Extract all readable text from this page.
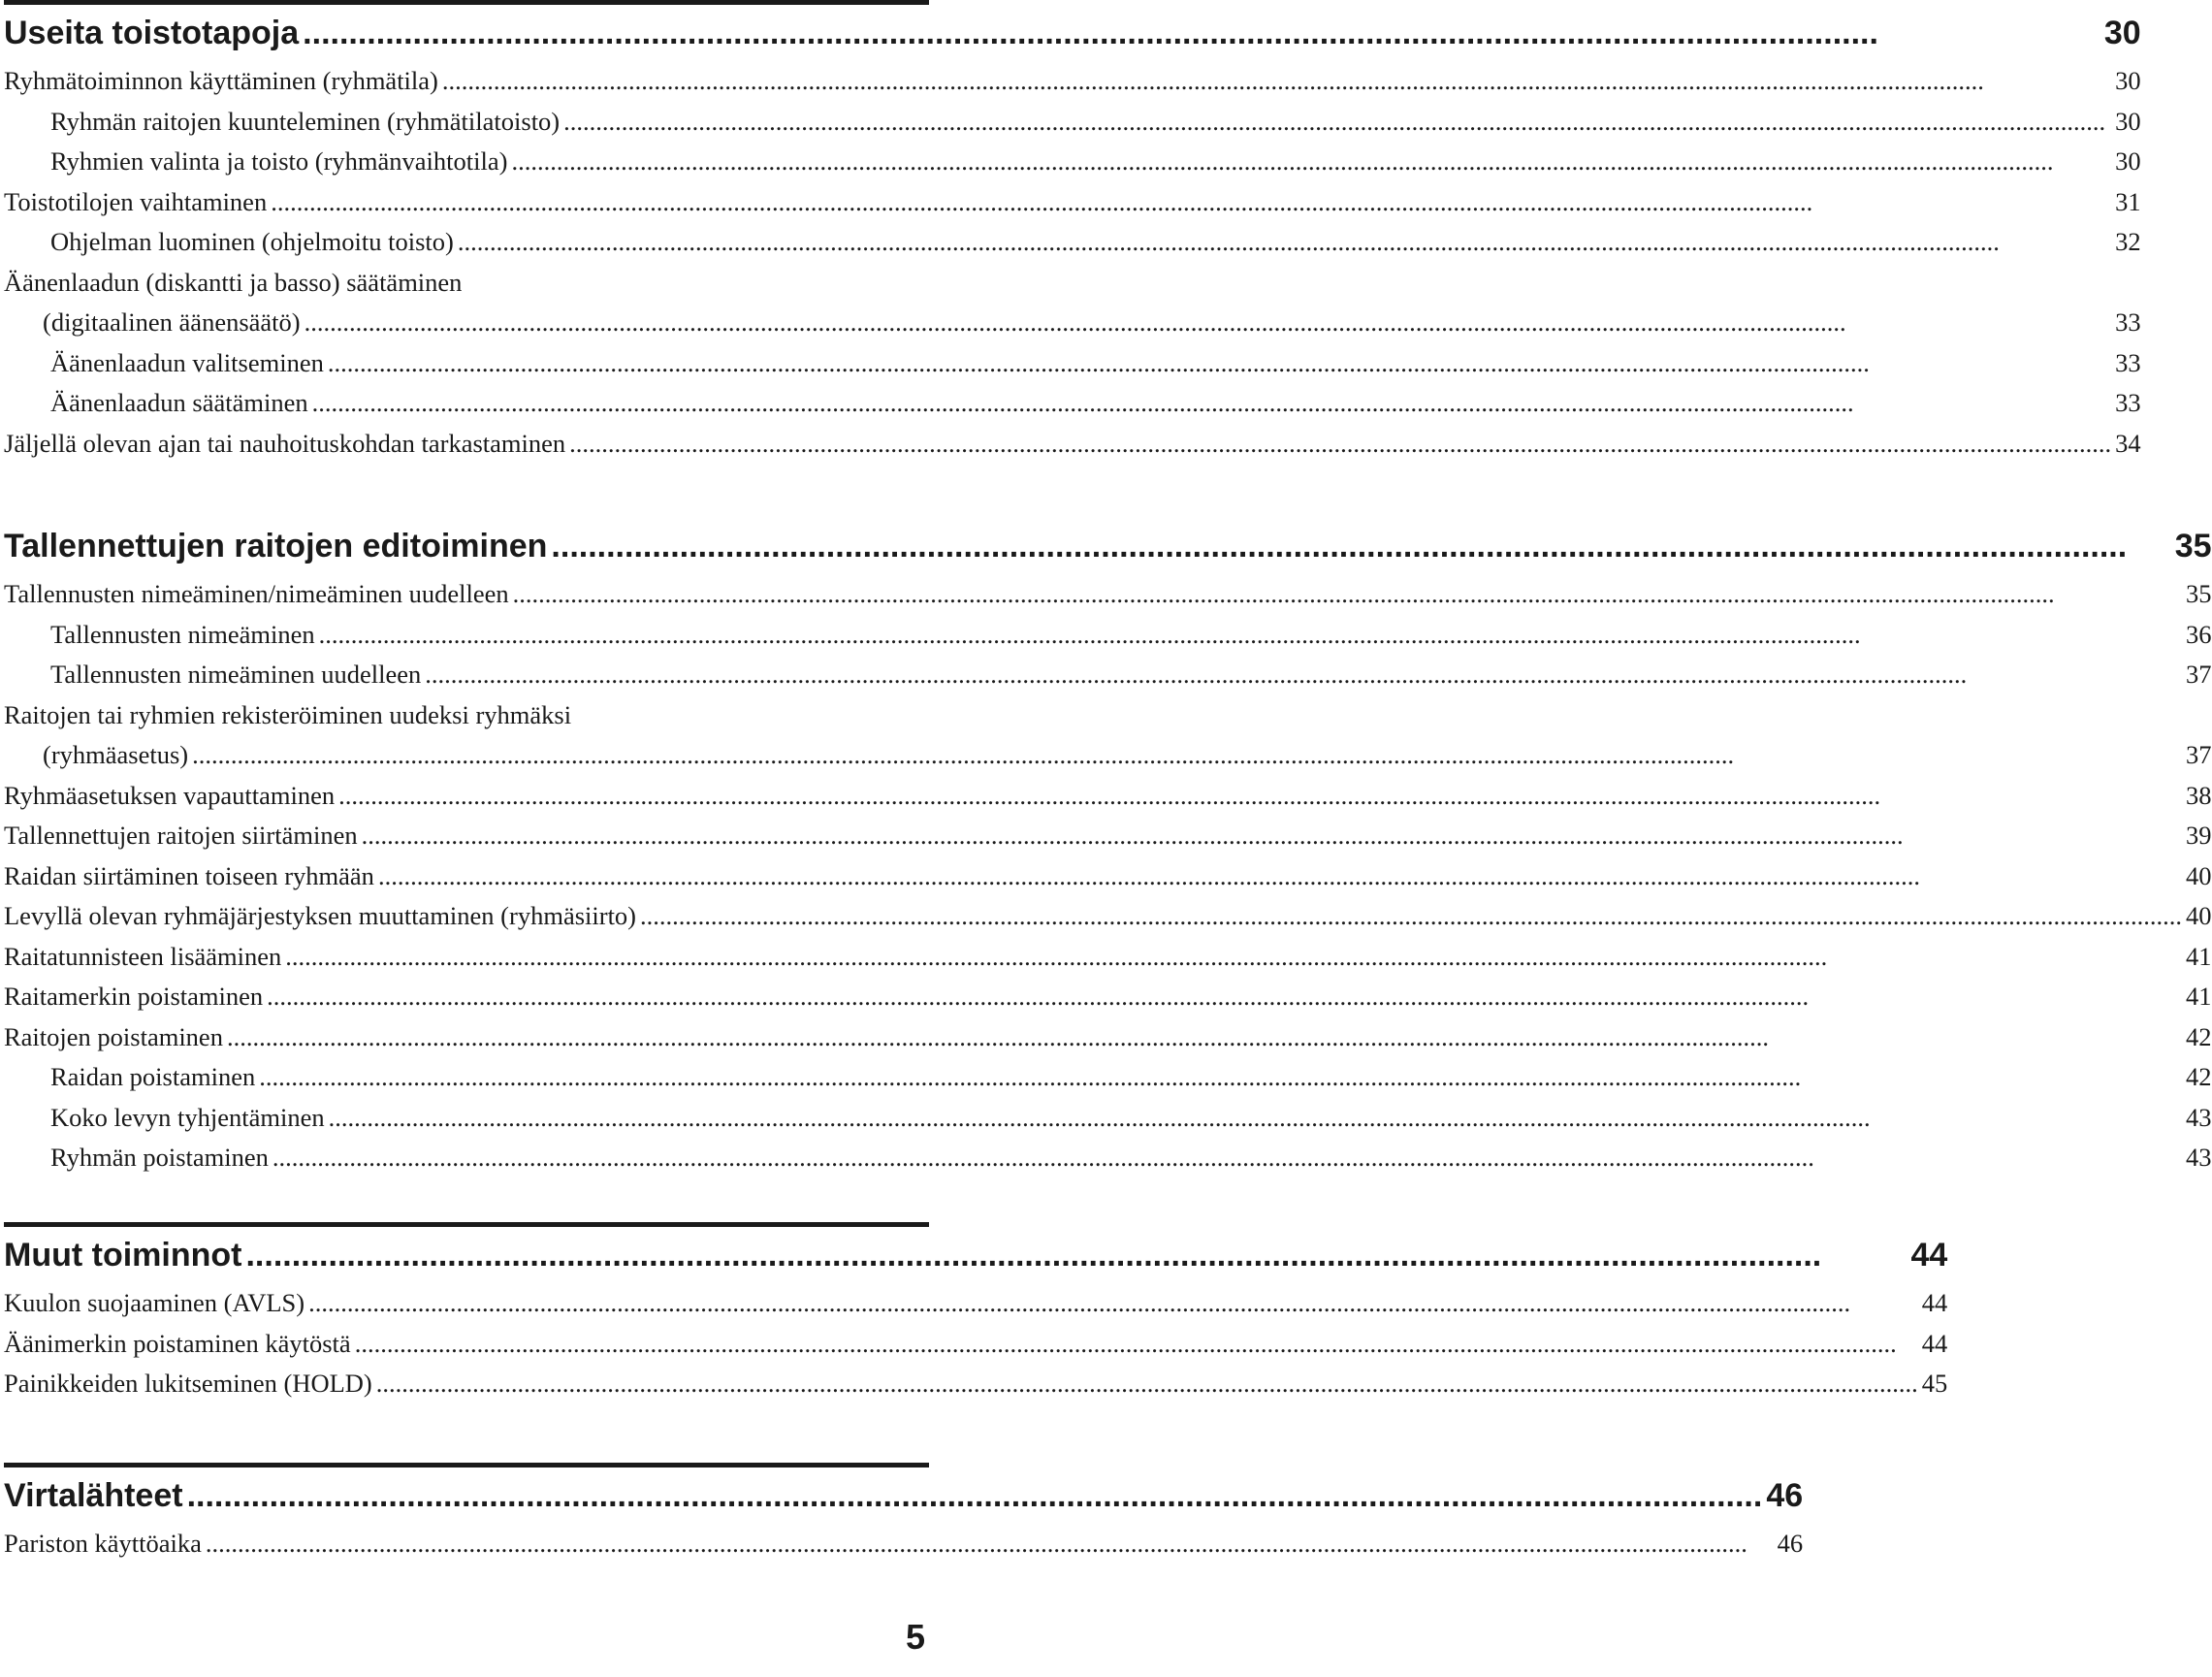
Useita toistotapoja .....	30
Ryhmätoiminnon käyttäminen (ryhmätila) .....	30
Ryhmän raitojen kuunteleminen (ryhmätilatoisto) .....	30
Ryhmien valinta ja toisto (ryhmänvaihtotila) .....	30
Toistotilojen vaihtaminen .....	31
Ohjelman luominen (ohjelmoitu toisto) .....	32
Äänenlaadun (diskantti ja basso) säätäminen
(digitaalinen äänensäätö) .....	33
Äänenlaadun valitseminen .....	33
Äänenlaadun säätäminen .....	33
Jäljellä olevan ajan tai nauhoituskohdan tarkastaminen .....	34
Tallennettujen raitojen editoiminen .....	35
Tallennusten nimeäminen/nimeäminen uudelleen .....	35
Tallennusten nimeäminen .....	36
Tallennusten nimeäminen uudelleen .....	37
Raitojen tai ryhmien rekisteröiminen uudeksi ryhmäksi
(ryhmäasetus) .....	37
Ryhmäasetuksen vapauttaminen .....	38
Tallennettujen raitojen siirtäminen .....	39
Raidan siirtäminen toiseen ryhmään .....	40
Levyllä olevan ryhmäjärjestyksen muuttaminen (ryhmäsiirto) .....	40
Raitatunnisteen lisääminen .....	41
Raitamerkin poistaminen .....	41
Raitojen poistaminen .....	42
Raidan poistaminen .....	42
Koko levyn tyhjentäminen .....	43
Ryhmän poistaminen .....	43
Muut toiminnot .....	44
Kuulon suojaaminen (AVLS) .....	44
Äänimerkin poistaminen käytöstä .....	44
Painikkeiden lukitseminen (HOLD) .....	45
Virtalähteet .....	46
Pariston käyttöaika .....	46
5
